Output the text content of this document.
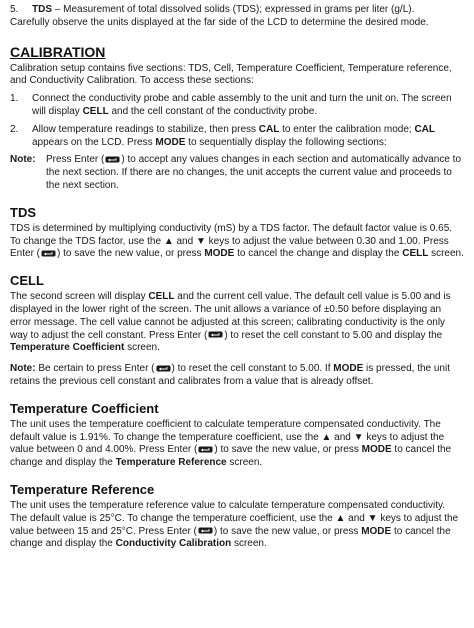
5.	TDS – Measurement of total dissolved solids (TDS); expressed in grams per liter (g/L).

Carefully observe the units displayed at the far side of the LCD to determine the desired mode.

CALIBRATION

Calibration setup contains five sections: TDS, Cell, Temperature Coefficient, Temperature reference, and Conductivity Calibration. To access these sections:

1.	Connect the conductivity probe and cable assembly to the unit and turn the unit on. The screen will display CELL and the cell constant of the conductivity probe.
2.	Allow temperature readings to stabilize, then press CAL to enter the calibration mode; CAL appears on the LCD. Press MODE to sequentially display the following sections:
Note:	Press Enter ( ) to accept any values changes in each section and automatically advance to the next section. If there are no changes, the unit accepts the current value and proceeds to the next section.
TDS

TDS is determined by multiplying conductivity (mS) by a TDS factor. The default factor value is 0.65. To change the TDS factor, use the ▲ and ▼ keys to adjust the value between 0.30 and 1.00. Press Enter ( ) to save the new value, or press MODE to cancel the change and display the CELL screen.

CELL

The second screen will display CELL and the current cell value. The default cell value is 5.00 and is displayed in the lower right of the screen. The unit allows a variance of ±0.50 before displaying an error message. The cell value cannot be adjusted at this screen; calibrating conductivity is the only way to adjust the cell constant. Press Enter ( ) to reset the cell constant to 5.00 and display the Temperature Coefficient screen.

Note: Be certain to press Enter ( ) to reset the cell constant to 5.00. If MODE is pressed, the unit retains the previous cell constant and calibrates from a value that is already offset.

Temperature Coefficient

The unit uses the temperature coefficient to calculate temperature compensated conductivity. The default value is 1.91%. To change the temperature coefficient, use the ▲ and ▼ keys to adjust the value between 0 and 4.00%. Press Enter ( ) to save the new value, or press MODE to cancel the change and display the Temperature Reference screen.

Temperature Reference

The unit uses the temperature reference value to calculate temperature compensated conductivity. The default value is 25°C. To change the temperature coefficient, use the ▲ and ▼ keys to adjust the value between 15 and 25°C. Press Enter ( ) to save the new value, or press MODE to cancel the change and display the Conductivity Calibration screen.
